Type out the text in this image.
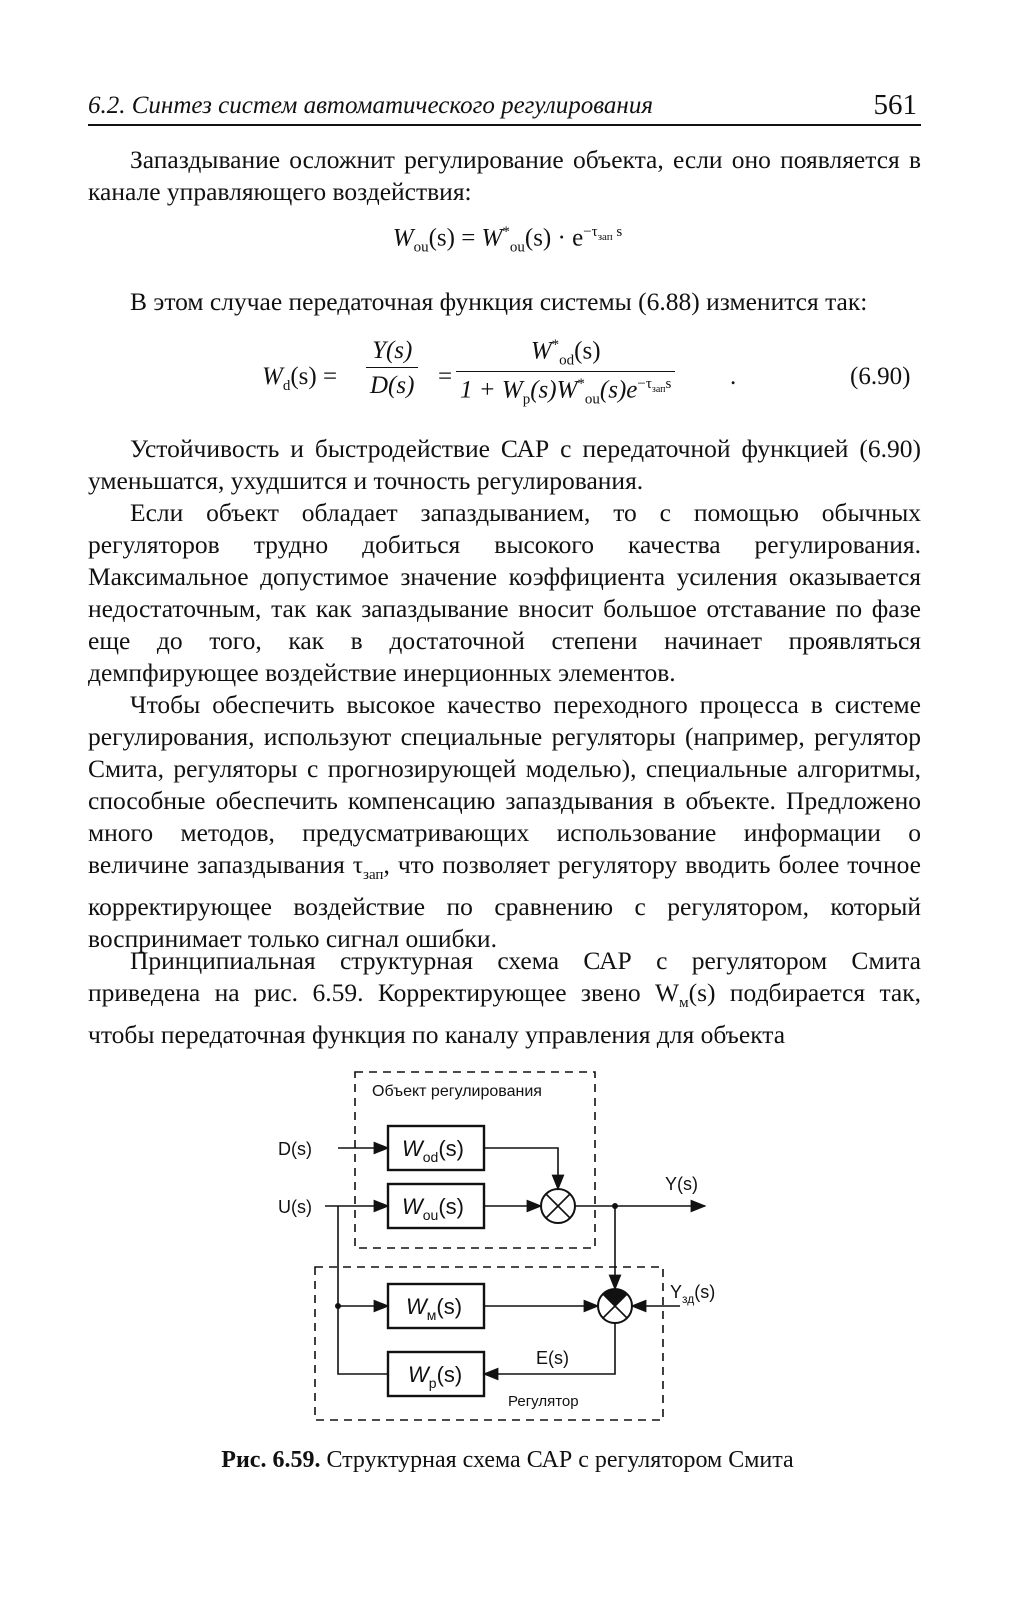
6.2. Синтез систем автоматического регулирования	561

Запаздывание осложнит регулирование объекта, если оно появляется в канале управляющего воздействия:

$W_{ou}(s) = W^*_{ou}(s) \cdot e^{-\tau_{зап} s}$

В этом случае передаточная функция системы (6.88) изменится так:

$W_d(s) = \frac{Y(s)}{D(s)}$ =
$W^*_{od}(s)$
$1 + W_p(s)W^*_{ou}(s)e^{-\tau_{зап}s}$ .	(6.90)

Устойчивость и быстродействие САР с передаточной функцией (6.90) уменьшатся, ухудшится и точность регулирования.

Если объект обладает запаздыванием, то с помощью обычных регуляторов трудно добиться высокого качества регулирования. Максимальное допустимое значение коэффициента усиления оказывается недостаточным, так как запаздывание вносит большое отставание по фазе еще до того, как в достаточной степени начинает проявляться демпфирующее воздействие инерционных элементов.

Чтобы обеспечить высокое качество переходного процесса в системе регулирования, используют специальные регуляторы (например, регулятор Смита, регуляторы с прогнозирующей моделью), специальные алгоритмы, способные обеспечить компенсацию запаздывания в объекте. Предложено много методов, предусматривающих использование информации о величине запаздывания $\tau_{зап}$, что позволяет регулятору вводить более точное корректирующее воздействие по сравнению с регулятором, который воспринимает только сигнал ошибки.

Принципиальная структурная схема САР с регулятором Смита приведена на рис. 6.59. Корректирующее звено $W_м(s)$ подбирается так, чтобы передаточная функция по каналу управления для объекта

Объект регулирования
Регулятор
D(s)
U(s)
Y(s)
E(s)
$Y_{зд}(s)$
$W_{od}(s)$
$W_{ou}(s)$
$W_м(s)$
$W_p(s)$
Рис. 6.59. Структурная схема САР с регулятором Смита
